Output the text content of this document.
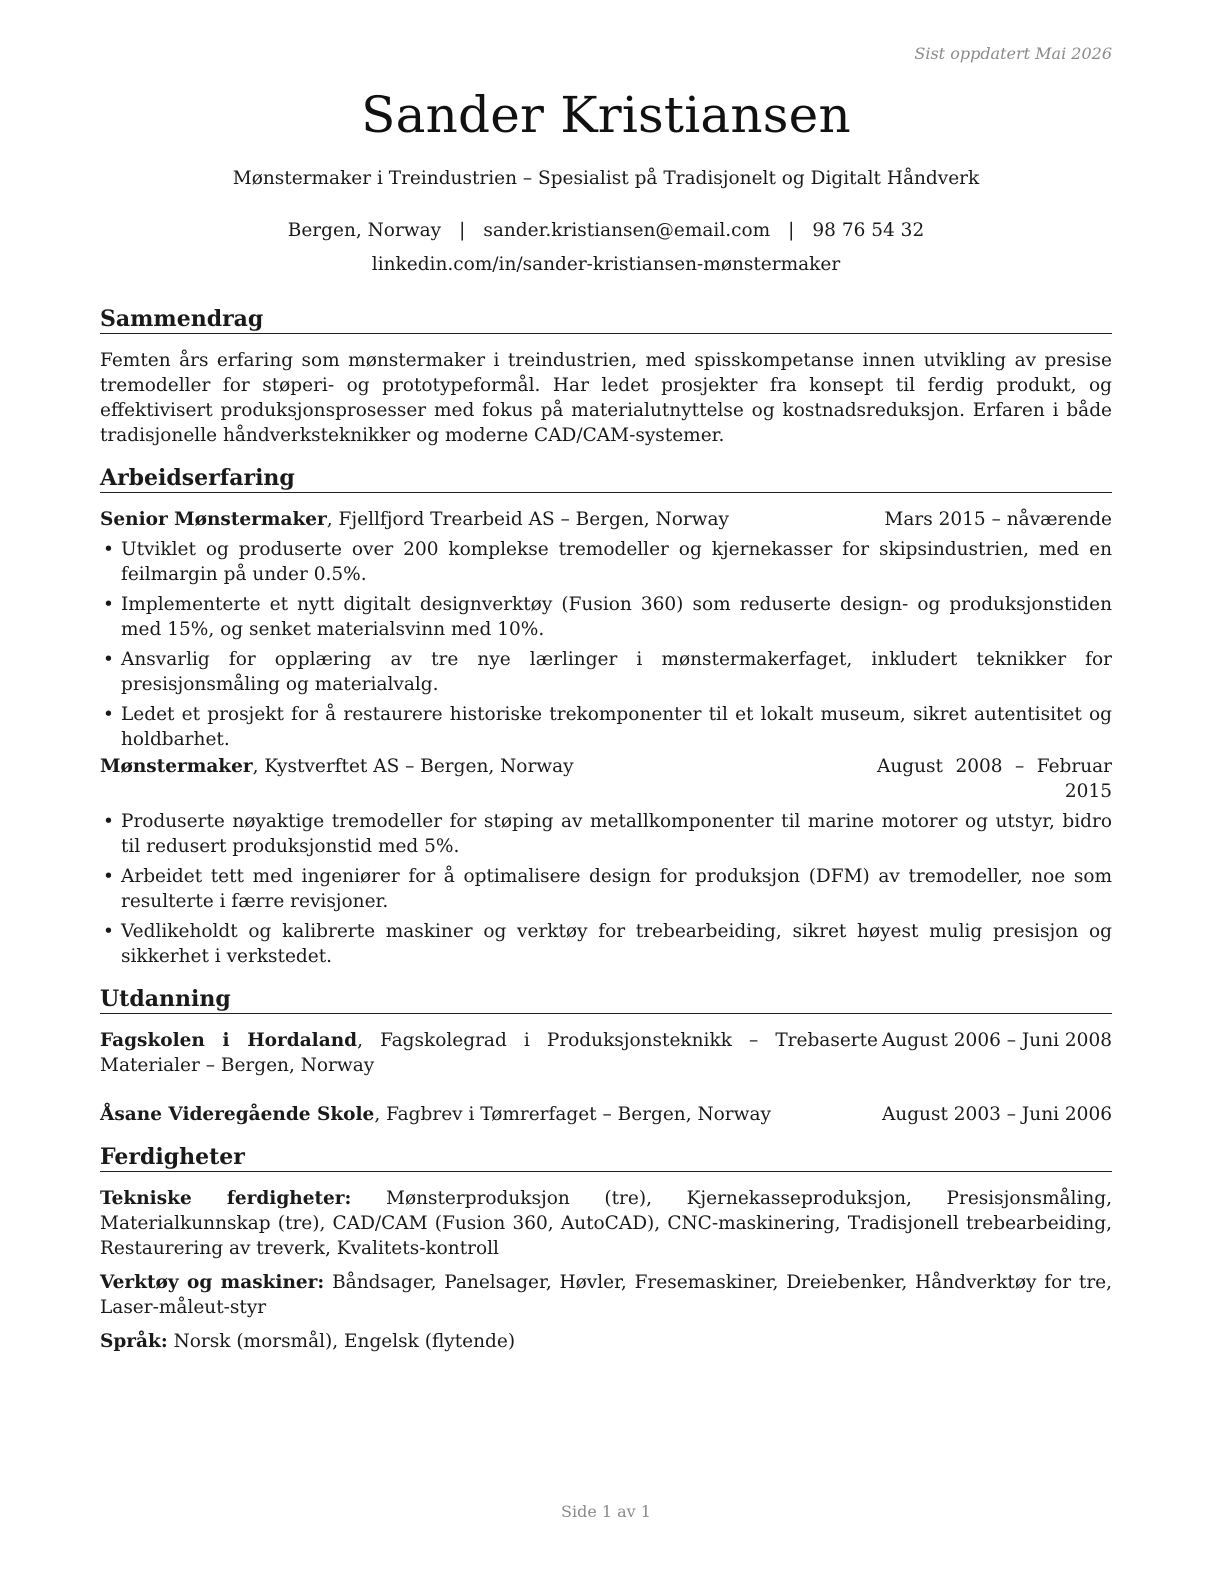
Sist oppdatert Mai 2026
Sander Kristiansen
Mønstermaker i Treindustrien – Spesialist på Tradisjonelt og Digitalt Håndverk
Bergen, Norway | sander.kristiansen@email.com | 98 76 54 32
linkedin.com/in/sander-kristiansen-mønstermaker
Sammendrag
Femten års erfaring som mønstermaker i treindustrien, med spisskompetanse innen utvikling av presise tremodeller for støperi- og prototypeformål. Har ledet prosjekter fra konsept til ferdig produkt, og effektivisert produksjonsprosesser med fokus på materialutnyttelse og kostnadsreduksjon. Erfaren i både tradisjonelle håndverksteknikker og moderne CAD/CAM-systemer.
Arbeidserfaring
Senior Mønstermaker, Fjellfjord Trearbeid AS – Bergen, Norway	Mars 2015 – nåværende
• Utviklet og produserte over 200 komplekse tremodeller og kjernekasser for skipsindustrien, med en feilmargin på under 0.5%.
• Implementerte et nytt digitalt designverktøy (Fusion 360) som reduserte design- og produksjonstiden med 15%, og senket materialsvinn med 10%.
• Ansvarlig for opplæring av tre nye lærlinger i mønstermakerfaget, inkludert teknikker for presisjonsmåling og materialvalg.
• Ledet et prosjekt for å restaurere historiske trekomponenter til et lokalt museum, sikret autentisitet og holdbarhet.
Mønstermaker, Kystverftet AS – Bergen, Norway	August 2008 – Februar 2015
• Produserte nøyaktige tremodeller for støping av metallkomponenter til marine motorer og utstyr, bidro til redusert produksjonstid med 5%.
• Arbeidet tett med ingeniører for å optimalisere design for produksjon (DFM) av tremodeller, noe som resulterte i færre revisjoner.
• Vedlikeholdt og kalibrerte maskiner og verktøy for trebearbeiding, sikret høyest mulig presisjon og sikkerhet i verkstedet.
Utdanning
Fagskolen i Hordaland, Fagskolegrad i Produksjonsteknikk – Trebaserte Materialer – Bergen, Norway
August 2006 – Juni 2008
Åsane Videregående Skole, Fagbrev i Tømrerfaget – Bergen, Norway	August 2003 – Juni 2006
Ferdigheter
Tekniske ferdigheter: Mønsterproduksjon (tre), Kjernekasseproduksjon, Presisjonsmåling, Materialkunnskap (tre), CAD/CAM (Fusion 360, AutoCAD), CNC-maskinering, Tradisjonell trebearbeiding, Restaurering av treverk, Kvalitets-kontroll
Verktøy og maskiner: Båndsager, Panelsager, Høvler, Fresemaskiner, Dreiebenker, Håndverktøy for tre, Laser-måleut-styr
Språk: Norsk (morsmål), Engelsk (flytende)
Side 1 av 1
